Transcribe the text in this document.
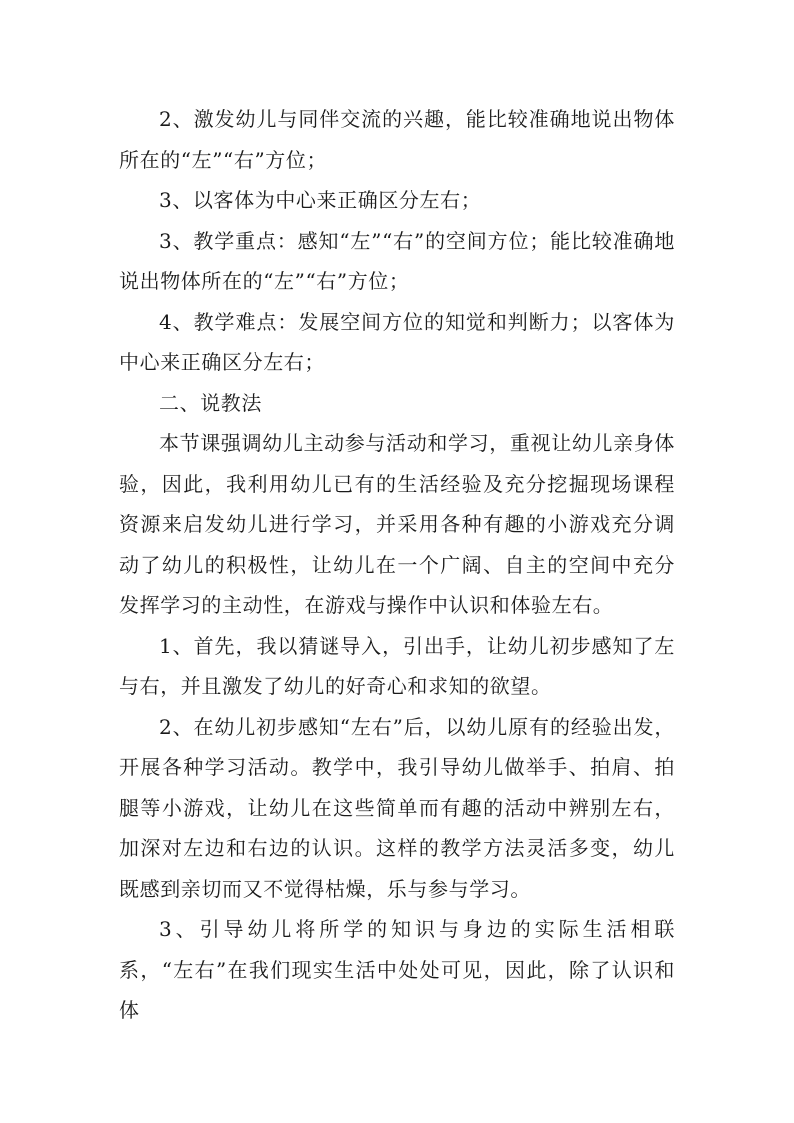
2、激发幼儿与同伴交流的兴趣，能比较准确地说出物体所在的“左”“右”方位；

3、以客体为中心来正确区分左右；

3、教学重点：感知“左”“右”的空间方位；能比较准确地说出物体所在的“左”“右”方位；

4、教学难点：发展空间方位的知觉和判断力；以客体为中心来正确区分左右；

二、说教法

本节课强调幼儿主动参与活动和学习，重视让幼儿亲身体验，因此，我利用幼儿已有的生活经验及充分挖掘现场课程资源来启发幼儿进行学习，并采用各种有趣的小游戏充分调动了幼儿的积极性，让幼儿在一个广阔、自主的空间中充分发挥学习的主动性，在游戏与操作中认识和体验左右。

1、首先，我以猜谜导入，引出手，让幼儿初步感知了左与右，并且激发了幼儿的好奇心和求知的欲望。

2、在幼儿初步感知“左右”后，以幼儿原有的经验出发，开展各种学习活动。教学中，我引导幼儿做举手、拍肩、拍腿等小游戏，让幼儿在这些简单而有趣的活动中辨别左右，加深对左边和右边的认识。这样的教学方法灵活多变，幼儿既感到亲切而又不觉得枯燥，乐与参与学习。

3、引导幼儿将所学的知识与身边的实际生活相联系，“左右”在我们现实生活中处处可见，因此，除了认识和体
